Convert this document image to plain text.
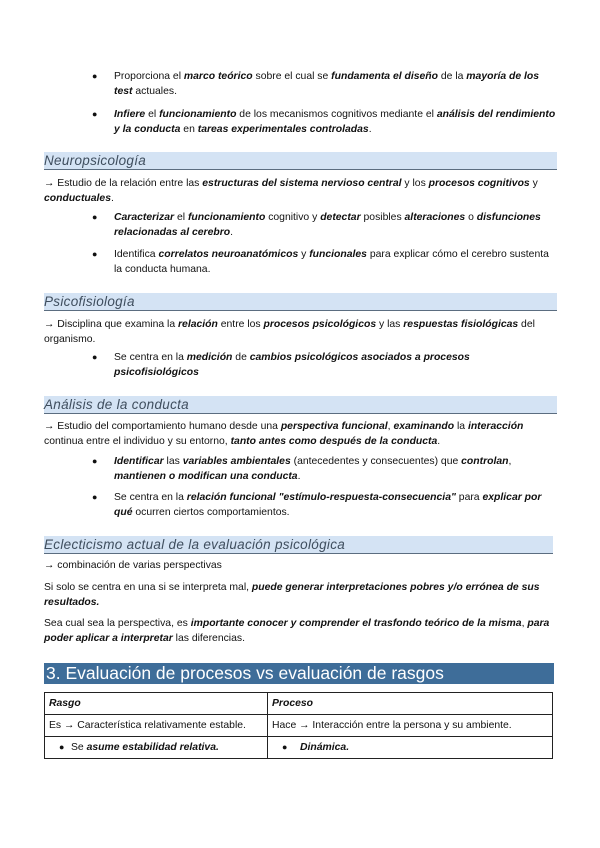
● Proporciona el marco teórico sobre el cual se fundamenta el diseño de la mayoría de los test actuales.

● Infiere el funcionamiento de los mecanismos cognitivos mediante el análisis del rendimiento y la conducta en tareas experimentales controladas.

Neuropsicología

→ Estudio de la relación entre las estructuras del sistema nervioso central y los procesos cognitivos y conductuales.

● Caracterizar el funcionamiento cognitivo y detectar posibles alteraciones o disfunciones relacionadas al cerebro.

● Identifica correlatos neuroanatómicos y funcionales para explicar cómo el cerebro sustenta la conducta humana.

Psicofisiología

→ Disciplina que examina la relación entre los procesos psicológicos y las respuestas fisiológicas del organismo.

● Se centra en la medición de cambios psicológicos asociados a procesos psicofisiológicos

Análisis de la conducta

→ Estudio del comportamiento humano desde una perspectiva funcional, examinando la interacción continua entre el individuo y su entorno, tanto antes como después de la conducta.

● Identificar las variables ambientales (antecedentes y consecuentes) que controlan, mantienen o modifican una conducta.

● Se centra en la relación funcional "estímulo-respuesta-consecuencia" para explicar por qué ocurren ciertos comportamientos.

Eclecticismo actual de la evaluación psicológica

→ combinación de varias perspectivas

Si solo se centra en una si se interpreta mal, puede generar interpretaciones pobres y/o errónea de sus resultados.

Sea cual sea la perspectiva, es importante conocer y comprender el trasfondo teórico de la misma, para poder aplicar a interpretar las diferencias.

3. Evaluación de procesos vs evaluación de rasgos
Rasgo	Proceso
Es → Característica relativamente estable.	Hace → Interacción entre la persona y su ambiente.
● Se asume estabilidad relativa.	● Dinámica.
